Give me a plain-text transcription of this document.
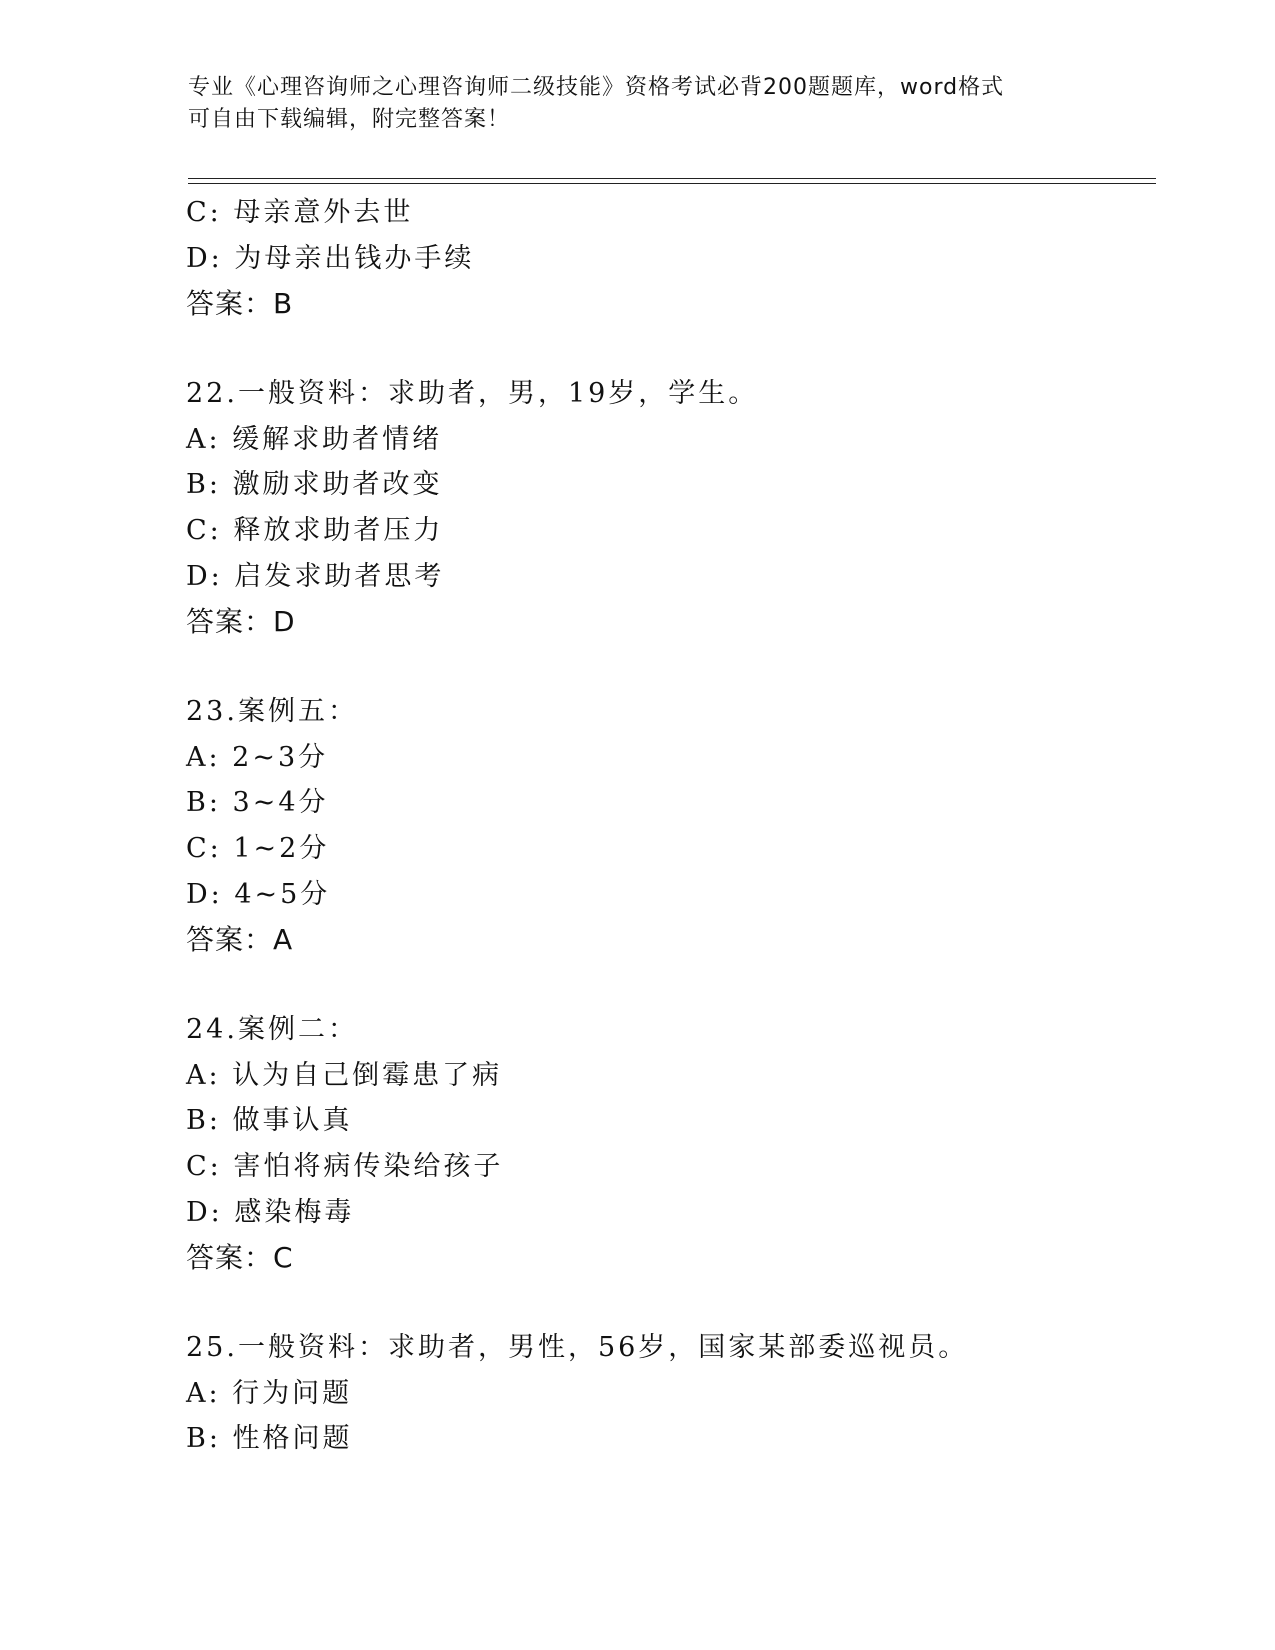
专业《心理咨询师之心理咨询师二级技能》资格考试必背200题题库，word格式
可自由下载编辑，附完整答案！
C: 母亲意外去世
D: 为母亲出钱办手续
答案：B
22.一般资料：求助者，男，19岁，学生。
A: 缓解求助者情绪
B: 激励求助者改变
C: 释放求助者压力
D: 启发求助者思考
答案：D
23.案例五：
A: 2~3分
B: 3~4分
C: 1~2分
D: 4~5分
答案：A
24.案例二：
A: 认为自己倒霉患了病
B: 做事认真
C: 害怕将病传染给孩子
D: 感染梅毒
答案：C
25.一般资料：求助者，男性，56岁，国家某部委巡视员。
A: 行为问题
B: 性格问题
